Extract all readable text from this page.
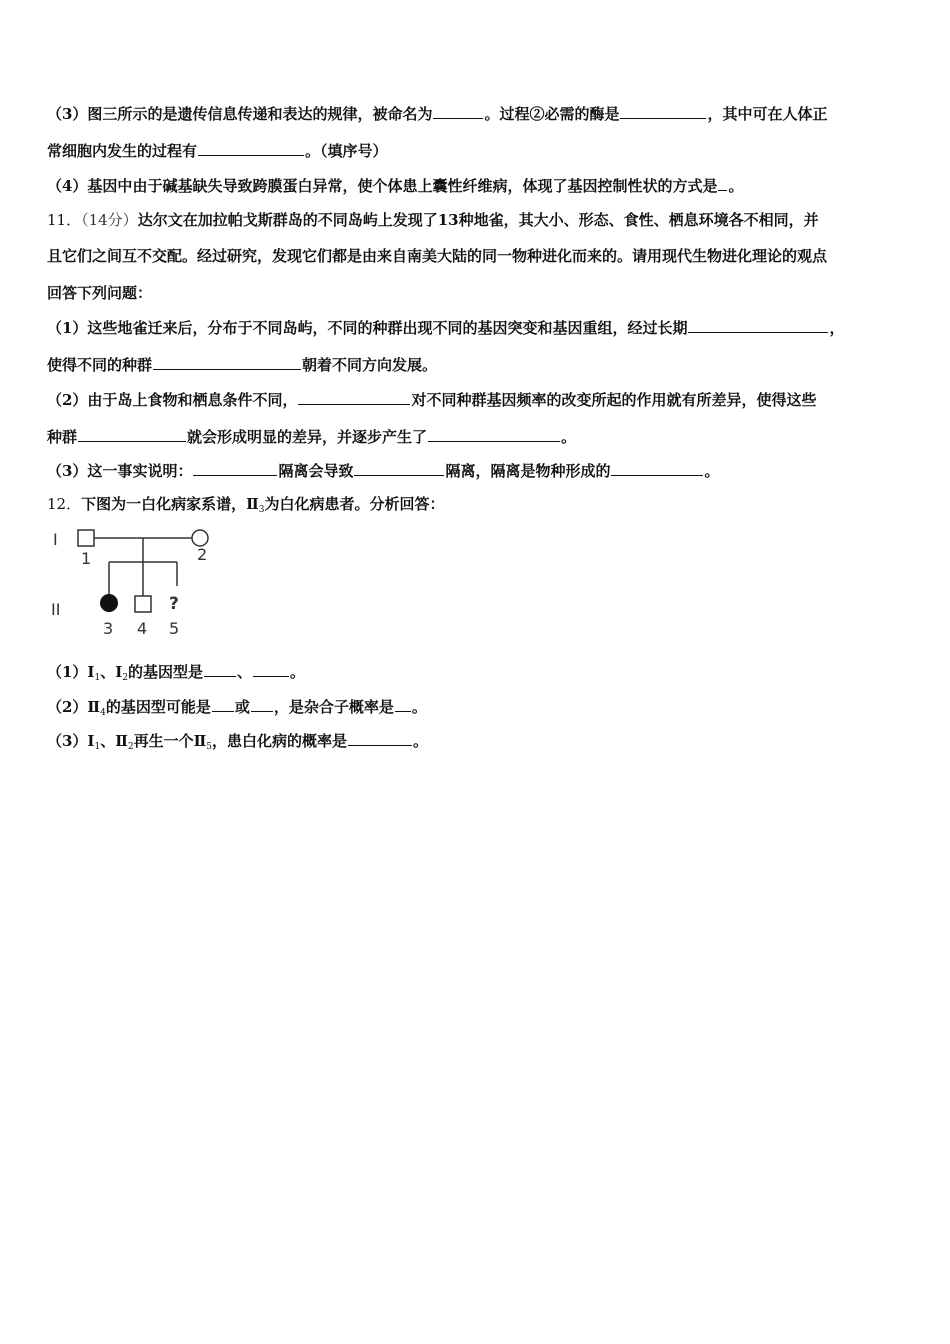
（3）图三所示的是遗传信息传递和表达的规律，被命名为	。过程②必需的酶是	，其中可在人体正
常细胞内发生的过程有	。（填序号）
（4）基因中由于碱基缺失导致跨膜蛋白异常，使个体患上囊性纤维病，体现了基因控制性状的方式是 。
11．（14分）达尔文在加拉帕戈斯群岛的不同岛屿上发现了13种地雀，其大小、形态、食性、栖息环境各不相同，并
且它们之间互不交配。经过研究，发现它们都是由来自南美大陆的同一物种进化而来的。请用现代生物进化理论的观点
回答下列问题：
（1）这些地雀迁来后，分布于不同岛屿，不同的种群出现不同的基因突变和基因重组，经过长期	，
使得不同的种群	朝着不同方向发展。
（2）由于岛上食物和栖息条件不同，	对不同种群基因频率的改变所起的作用就有所差异，使得这些
种群	就会形成明显的差异，并逐步产生了	。
（3）这一事实说明：	隔离会导致	隔离，隔离是物种形成的	。
12．下图为一白化病家系谱，$Ⅱ_3$为白化病患者。分析回答：
I
II
1	2
?
3 4 5
$(1)Ⅰ_1$、$Ⅰ_2$的基因型是 、	。
$(2)Ⅱ_4$的基因型可能是 或 ，是杂合子概率是 。
$(3)Ⅰ_1$、$Ⅱ_2$再生一个$Ⅱ_5$，患白化病的概率是	。
